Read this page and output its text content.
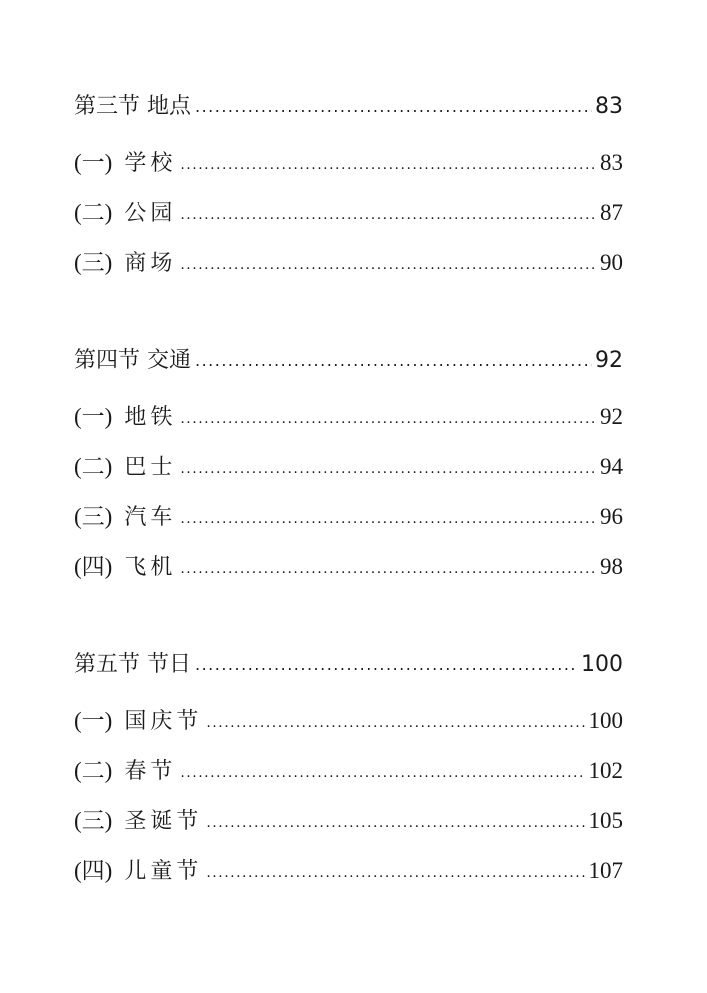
第三节 地点 .....	83
(一) 学校 .....	83
(二) 公园 .....	87
(三) 商场 .....	90
第四节 交通 .....	92
(一) 地铁 .....	92
(二) 巴士 .....	94
(三) 汽车 .....	96
(四) 飞机 .....	98
第五节 节日 .....	100
(一) 国庆节 .....	100
(二) 春节 .....	102
(三) 圣诞节 .....	105
(四) 儿童节 .....	107
